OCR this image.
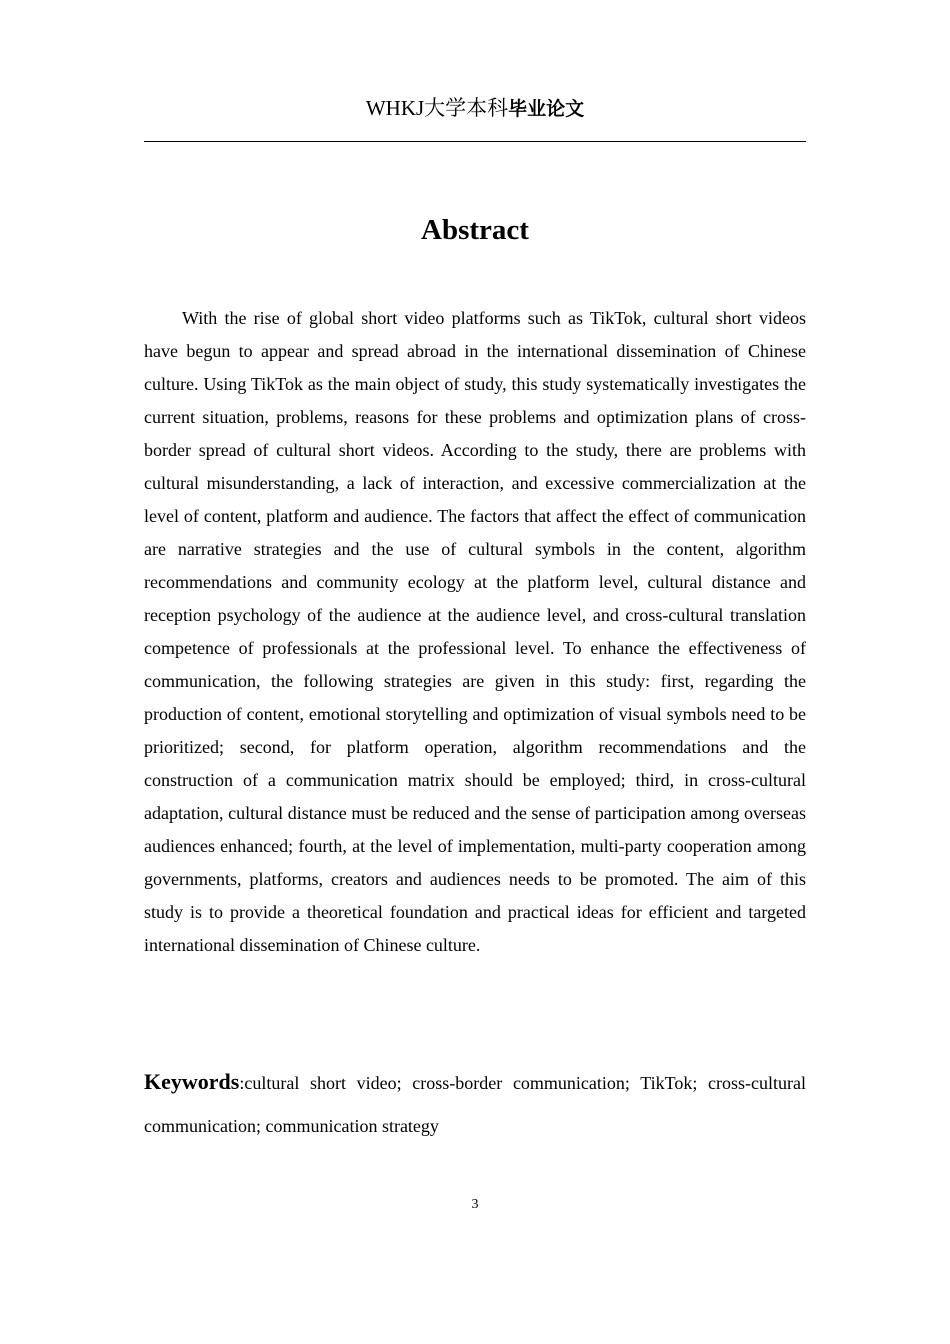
WHKJ大学本科毕业论文
Abstract

With the rise of global short video platforms such as TikTok, cultural short videos have begun to appear and spread abroad in the international dissemination of Chinese culture. Using TikTok as the main object of study, this study systematically investigates the current situation, problems, reasons for these problems and optimization plans of cross-border spread of cultural short videos. According to the study, there are problems with cultural misunderstanding, a lack of interaction, and excessive commercialization at the level of content, platform and audience. The factors that affect the effect of communication are narrative strategies and the use of cultural symbols in the content, algorithm recommendations and community ecology at the platform level, cultural distance and reception psychology of the audience at the audience level, and cross-cultural translation competence of professionals at the professional level. To enhance the effectiveness of communication, the following strategies are given in this study: first, regarding the production of content, emotional storytelling and optimization of visual symbols need to be prioritized; second, for platform operation, algorithm recommendations and the construction of a communication matrix should be employed; third, in cross-cultural adaptation, cultural distance must be reduced and the sense of participation among overseas audiences enhanced; fourth, at the level of implementation, multi-party cooperation among governments, platforms, creators and audiences needs to be promoted. The aim of this study is to provide a theoretical foundation and practical ideas for efficient and targeted international dissemination of Chinese culture.

Keywords:cultural short video; cross-border communication; TikTok; cross-cultural communication; communication strategy

3
